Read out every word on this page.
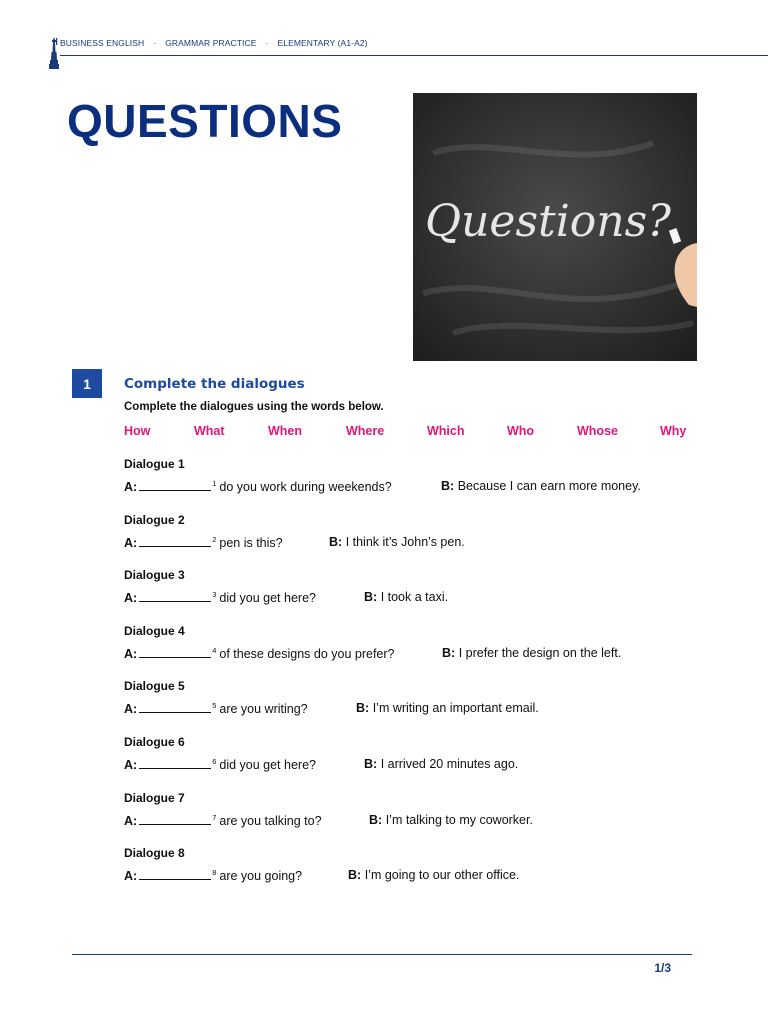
BUSINESS ENGLISH · GRAMMAR PRACTICE · ELEMENTARY (A1-A2)
QUESTIONS
Questions?
1	Complete the dialogues
Complete the dialogues using the words below.
How	What	When	Where	Which	Who	Whose	Why
Dialogue 1
A:	$^1$ do you work during weekends?	B: Because I can earn more money.
Dialogue 2
A:	$^2$ pen is this?	B: I think it’s John’s pen.
Dialogue 3
A:	$^3$ did you get here?	B: I took a taxi.
Dialogue 4
A:	$^4$ of these designs do you prefer?	B: I prefer the design on the left.
Dialogue 5
A:	$^5$ are you writing?	B: I’m writing an important email.
Dialogue 6
A:	$^6$ did you get here?	B: I arrived 20 minutes ago.
Dialogue 7
A:	$^7$ are you talking to?	B: I’m talking to my coworker.
Dialogue 8
A:	$^8$ are you going?	B: I’m going to our other office.
1/3
